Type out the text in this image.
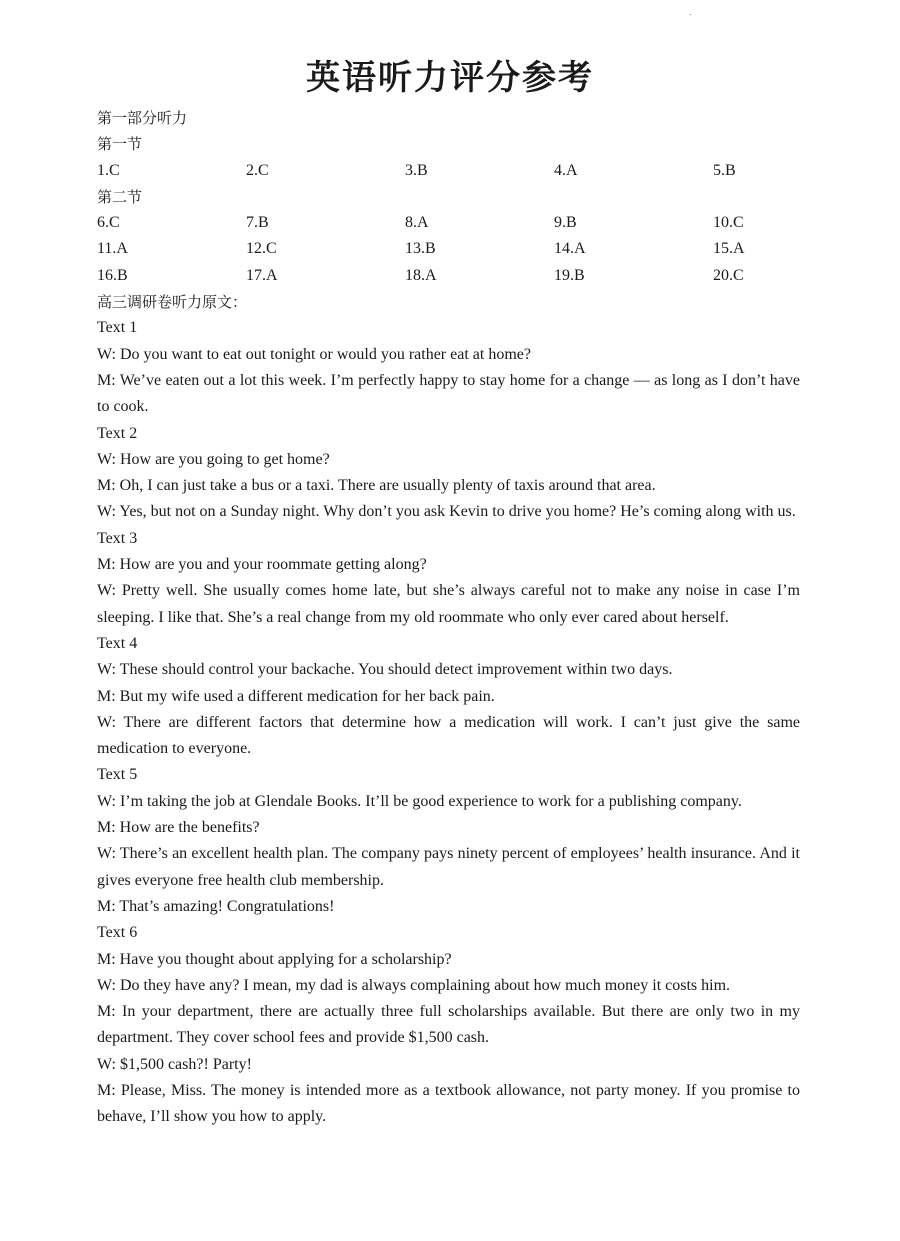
英语听力评分参考
第一部分听力
第一节
1.C	2.C	3.B	4.A	5.B
第二节
6.C	7.B	8.A	9.B	10.C
11.A	12.C	13.B	14.A	15.A
16.B	17.A	18.A	19.B	20.C
高三调研卷听力原文：
Text 1

W: Do you want to eat out tonight or would you rather eat at home?

M: We’ve eaten out a lot this week. I’m perfectly happy to stay home for a change — as long as I don’t have to cook.

Text 2

W: How are you going to get home?

M: Oh, I can just take a bus or a taxi. There are usually plenty of taxis around that area.

W: Yes, but not on a Sunday night. Why don’t you ask Kevin to drive you home? He’s coming along with us.

Text 3

M: How are you and your roommate getting along?

W: Pretty well. She usually comes home late, but she’s always careful not to make any noise in case I’m sleeping. I like that. She’s a real change from my old roommate who only ever cared about herself.

Text 4

W: These should control your backache. You should detect improvement within two days.

M: But my wife used a different medication for her back pain.

W: There are different factors that determine how a medication will work. I can’t just give the same medication to everyone.

Text 5

W: I’m taking the job at Glendale Books. It’ll be good experience to work for a publishing company.

M: How are the benefits?

W: There’s an excellent health plan. The company pays ninety percent of employees’ health insurance. And it gives everyone free health club membership.

M: That’s amazing! Congratulations!

Text 6

M: Have you thought about applying for a scholarship?

W: Do they have any? I mean, my dad is always complaining about how much money it costs him.

M: In your department, there are actually three full scholarships available. But there are only two in my department. They cover school fees and provide $1,500 cash.

W: $1,500 cash?! Party!

M: Please, Miss. The money is intended more as a textbook allowance, not party money. If you promise to behave, I’ll show you how to apply.
